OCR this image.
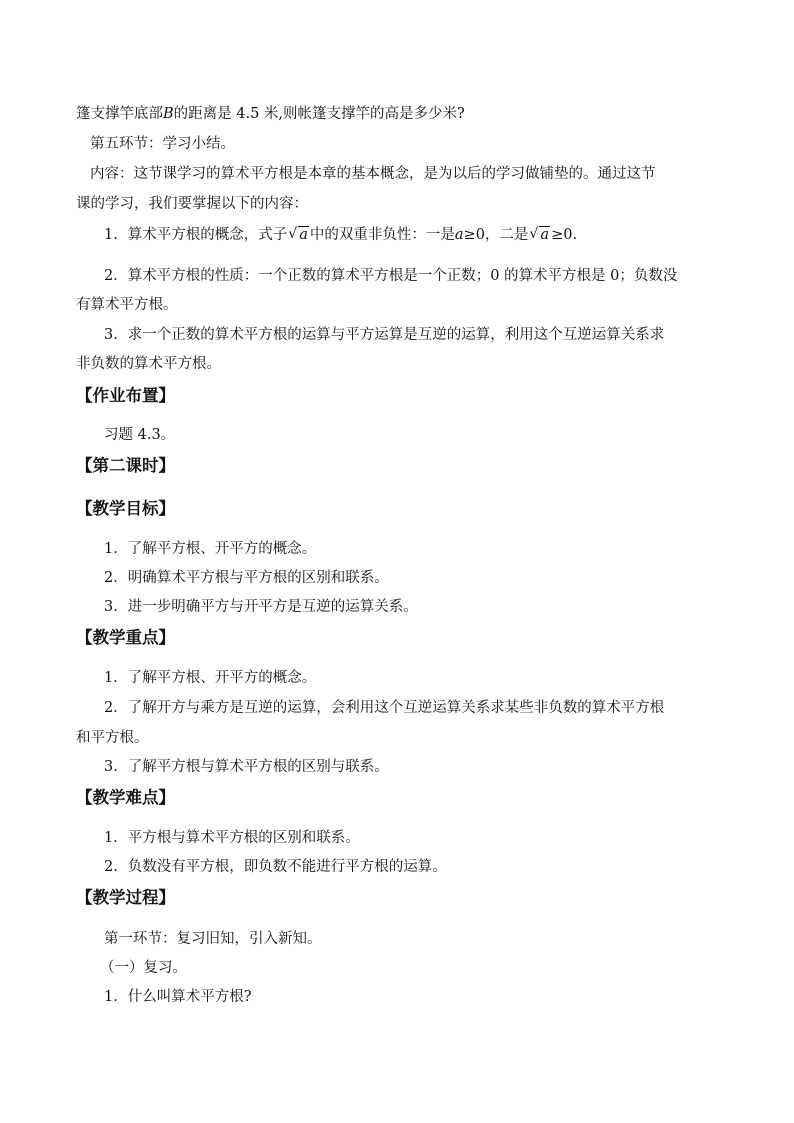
篷支撑竿底部B的距离是 4.5 米,则帐篷支撑竿的高是多少米?
第五环节：学习小结。
内容：这节课学习的算术平方根是本章的基本概念，是为以后的学习做铺垫的。通过这节
课的学习，我们要掌握以下的内容：
1．算术平方根的概念，式子 √ a 中的双重非负性：一是a≥0，二是 √ a ≥0.
2．算术平方根的性质：一个正数的算术平方根是一个正数；0 的算术平方根是 0；负数没
有算术平方根。
3．求一个正数的算术平方根的运算与平方运算是互逆的运算，利用这个互逆运算关系求
非负数的算术平方根。
【作业布置】
习题 4.3。
【第二课时】
【教学目标】
1．了解平方根、开平方的概念。
2．明确算术平方根与平方根的区别和联系。
3．进一步明确平方与开平方是互逆的运算关系。
【教学重点】
1．了解平方根、开平方的概念。
2．了解开方与乘方是互逆的运算，会利用这个互逆运算关系求某些非负数的算术平方根
和平方根。
3．了解平方根与算术平方根的区别与联系。
【教学难点】
1．平方根与算术平方根的区别和联系。
2．负数没有平方根，即负数不能进行平方根的运算。
【教学过程】
第一环节：复习旧知，引入新知。
（一）复习。
1．什么叫算术平方根?
